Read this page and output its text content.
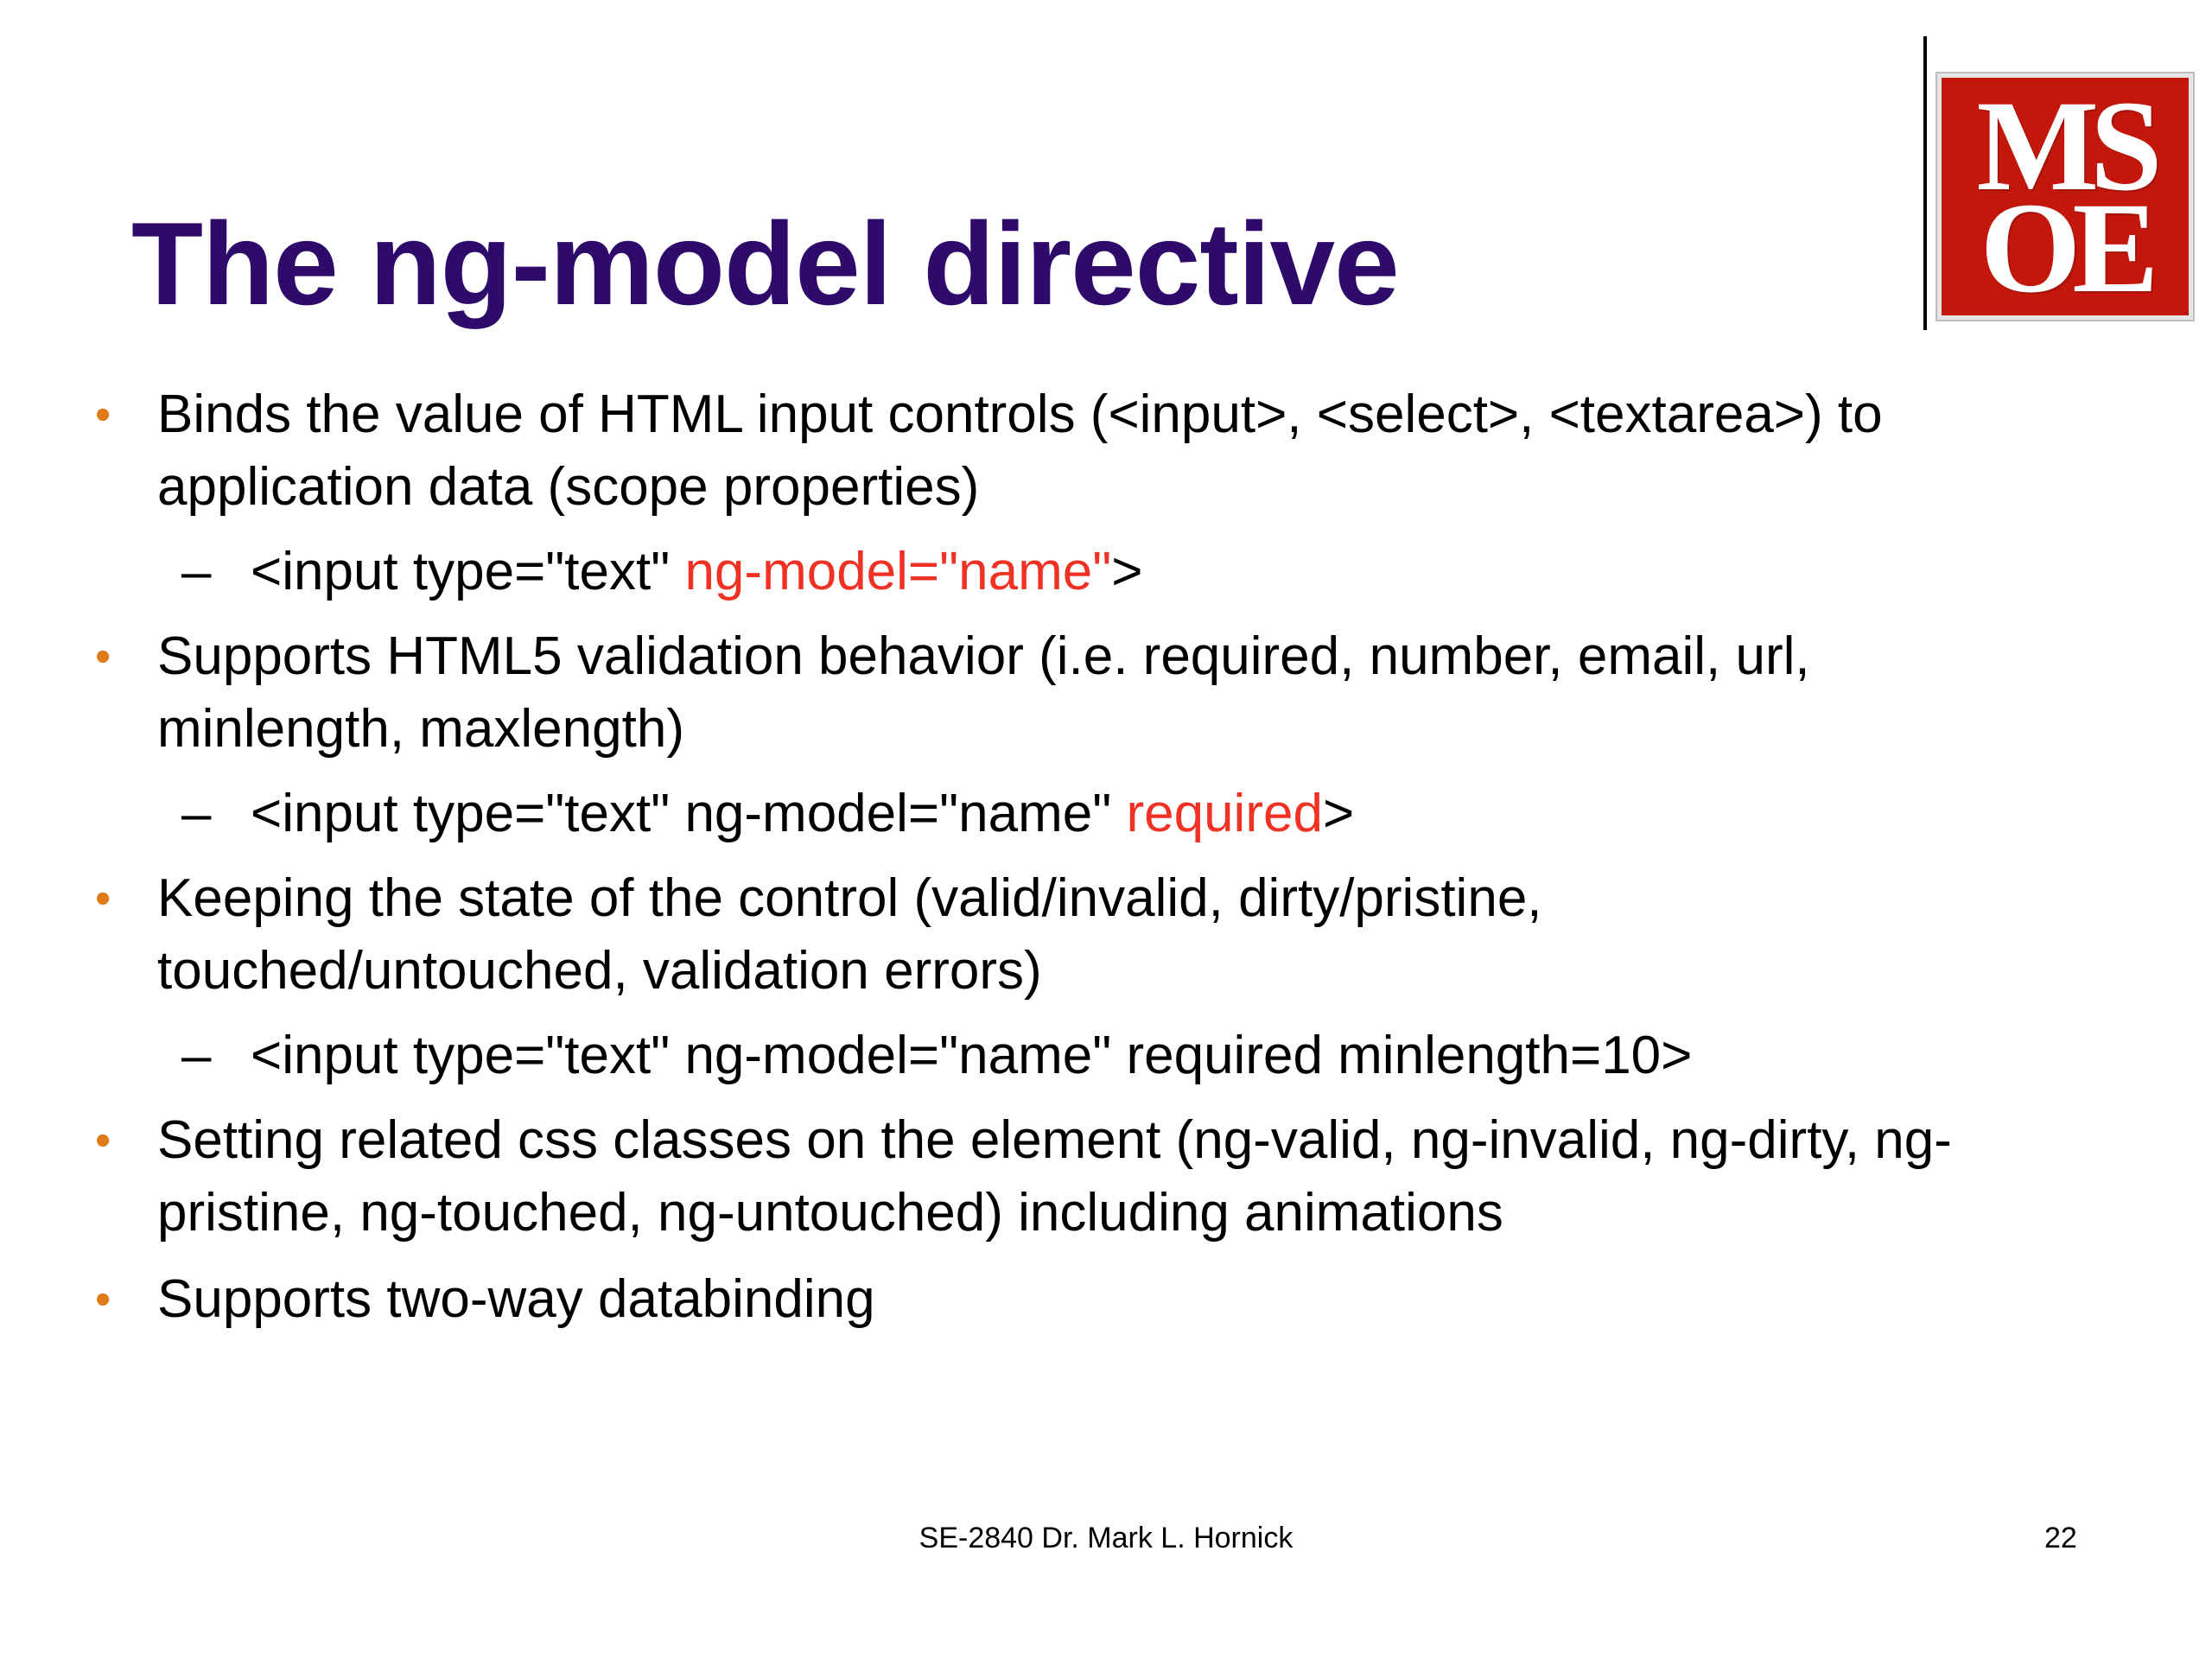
The ng-model directive
MS
OE
• Binds the value of HTML input controls (<input>, <select>, <textarea>) to
application data (scope properties)
– <input type="text" ng-model="name">
• Supports HTML5 validation behavior (i.e. required, number, email, url,
minlength, maxlength)
– <input type="text" ng-model="name" required>
• Keeping the state of the control (valid/invalid, dirty/pristine,
touched/untouched, validation errors)
– <input type="text" ng-model="name" required minlength=10>
• Setting related css classes on the element (ng-valid, ng-invalid, ng-dirty, ng-
pristine, ng-touched, ng-untouched) including animations
• Supports two-way databinding
SE-2840 Dr. Mark L. Hornick	22
